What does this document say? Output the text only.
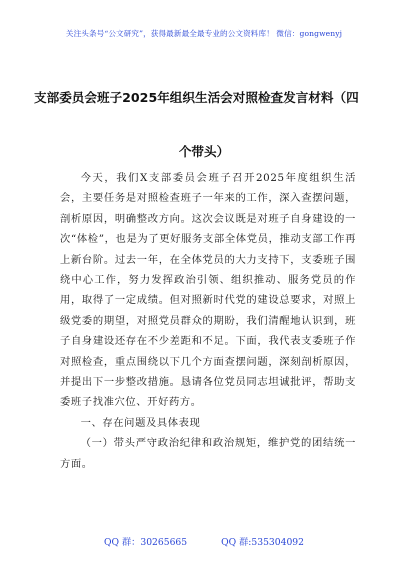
关注头条号“公文研究”，获得最新最全最专业的公文资料库！ 微信：gongwenyj
支部委员会班子2025年组织生活会对照检查发言材料（四
个带头）

今天，我们X支部委员会班子召开2025年度组织生活会，主要任务是对照检查班子一年来的工作，深入查摆问题，剖析原因，明确整改方向。这次会议既是对班子自身建设的一次“体检”，也是为了更好服务支部全体党员，推动支部工作再上新台阶。过去一年，在全体党员的大力支持下，支委班子围绕中心工作，努力发挥政治引领、组织推动、服务党员的作用，取得了一定成绩。但对照新时代党的建设总要求，对照上级党委的期望，对照党员群众的期盼，我们清醒地认识到，班子自身建设还存在不少差距和不足。下面，我代表支委班子作对照检查，重点围绕以下几个方面查摆问题，深刻剖析原因，并提出下一步整改措施。恳请各位党员同志坦诚批评，帮助支委班子找准穴位、开好药方。

一、存在问题及具体表现

（一）带头严守政治纪律和政治规矩，维护党的团结统一方面。

QQ 群：30265665	QQ 群:535304092
